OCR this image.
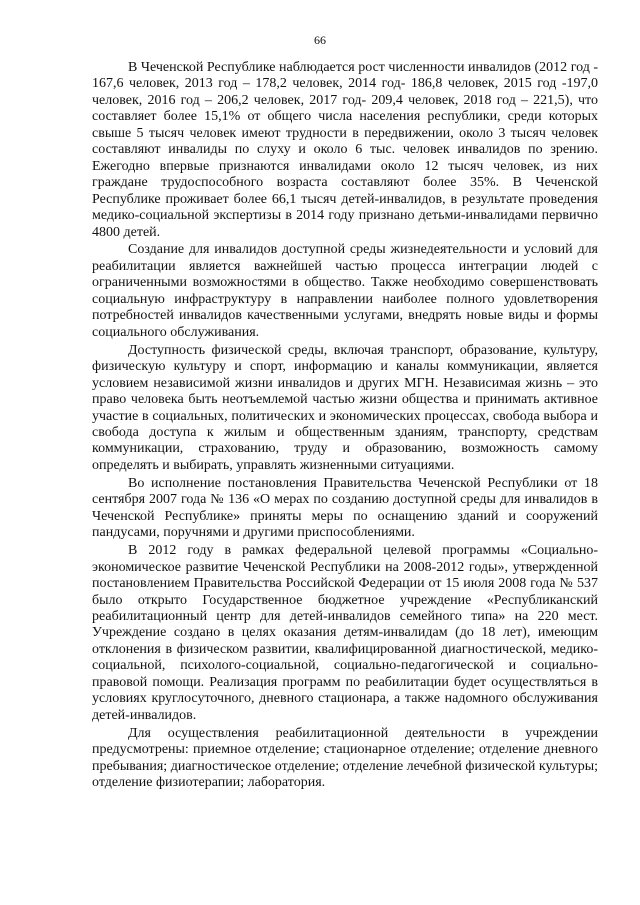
66

В Чеченской Республике наблюдается рост численности инвалидов (2012 год - 167,6 человек, 2013 год – 178,2 человек, 2014 год- 186,8 человек, 2015 год -197,0 человек, 2016 год – 206,2 человек, 2017 год- 209,4 человек, 2018 год – 221,5), что составляет более 15,1% от общего числа населения республики, среди которых свыше 5 тысяч человек имеют трудности в передвижении, около 3 тысяч человек составляют инвалиды по слуху и около 6 тыс. человек инвалидов по зрению. Ежегодно впервые признаются инвалидами около 12 тысяч человек, из них граждане трудоспособного возраста составляют более 35%. В Чеченской Республике проживает более 66,1 тысяч детей-инвалидов, в результате проведения медико-социальной экспертизы в 2014 году признано детьми-инвалидами первично 4800 детей.

Создание для инвалидов доступной среды жизнедеятельности и условий для реабилитации является важнейшей частью процесса интеграции людей с ограниченными возможностями в общество. Также необходимо совершенствовать социальную инфраструктуру в направлении наиболее полного удовлетворения потребностей инвалидов качественными услугами, внедрять новые виды и формы социального обслуживания.

Доступность физической среды, включая транспорт, образование, культуру, физическую культуру и спорт, информацию и каналы коммуникации, является условием независимой жизни инвалидов и других МГН. Независимая жизнь – это право человека быть неотъемлемой частью жизни общества и принимать активное участие в социальных, политических и экономических процессах, свобода выбора и свобода доступа к жилым и общественным зданиям, транспорту, средствам коммуникации, страхованию, труду и образованию, возможность самому определять и выбирать, управлять жизненными ситуациями.

Во исполнение постановления Правительства Чеченской Республики от 18 сентября 2007 года № 136 «О мерах по созданию доступной среды для инвалидов в Чеченской Республике» приняты меры по оснащению зданий и сооружений пандусами, поручнями и другими приспособлениями.

В 2012 году в рамках федеральной целевой программы «Социально-экономическое развитие Чеченской Республики на 2008-2012 годы», утвержденной постановлением Правительства Российской Федерации от 15 июля 2008 года № 537 было открыто Государственное бюджетное учреждение «Республиканский реабилитационный центр для детей-инвалидов семейного типа» на 220 мест. Учреждение создано в целях оказания детям-инвалидам (до 18 лет), имеющим отклонения в физическом развитии, квалифицированной диагностической, медико-социальной, психолого-социальной, социально-педагогической и социально-правовой помощи. Реализация программ по реабилитации будет осуществляться в условиях круглосуточного, дневного стационара, а также надомного обслуживания детей-инвалидов.

Для осуществления реабилитационной деятельности в учреждении предусмотрены: приемное отделение; стационарное отделение; отделение дневного пребывания; диагностическое отделение; отделение лечебной физической культуры; отделение физиотерапии; лаборатория.
